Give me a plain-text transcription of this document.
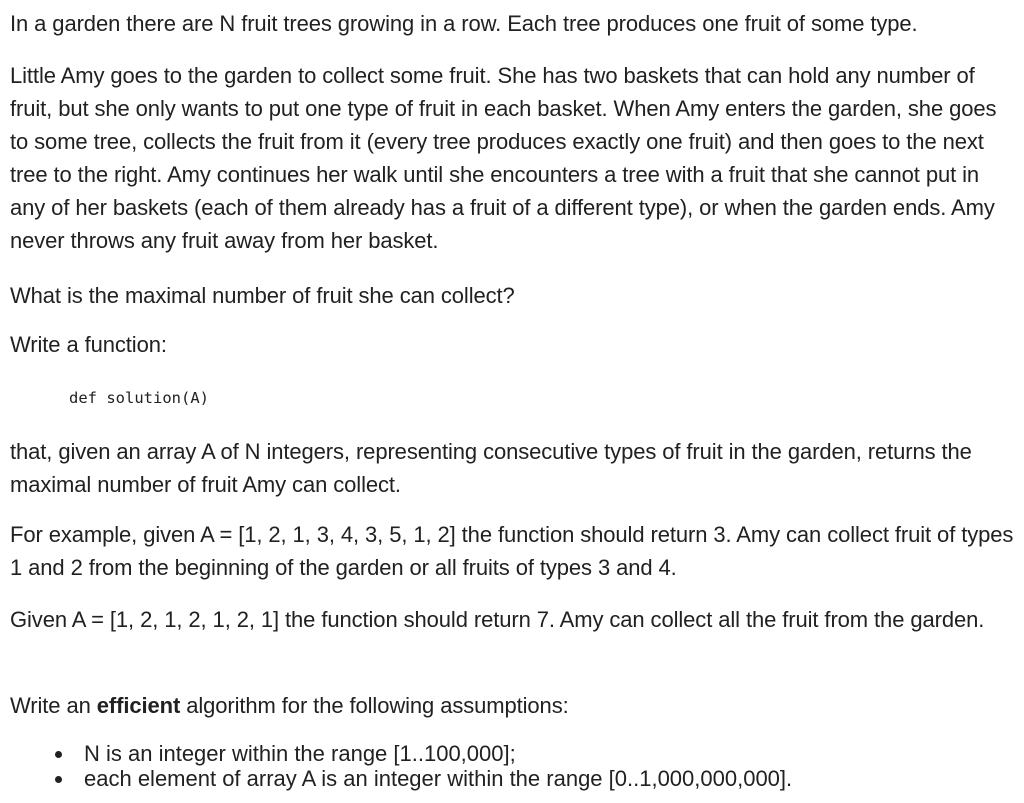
In a garden there are N fruit trees growing in a row. Each tree produces one fruit of some type.

Little Amy goes to the garden to collect some fruit. She has two baskets that can hold any number of fruit, but she only wants to put one type of fruit in each basket. When Amy enters the garden, she goes to some tree, collects the fruit from it (every tree produces exactly one fruit) and then goes to the next tree to the right. Amy continues her walk until she encounters a tree with a fruit that she cannot put in any of her baskets (each of them already has a fruit of a different type), or when the garden ends. Amy never throws any fruit away from her basket.

What is the maximal number of fruit she can collect?

Write a function:

def solution(A)

that, given an array A of N integers, representing consecutive types of fruit in the garden, returns the maximal number of fruit Amy can collect.

For example, given A = [1, 2, 1, 3, 4, 3, 5, 1, 2] the function should return 3. Amy can collect fruit of types 1 and 2 from the beginning of the garden or all fruits of types 3 and 4.

Given A = [1, 2, 1, 2, 1, 2, 1] the function should return 7. Amy can collect all the fruit from the garden.

Write an efficient algorithm for the following assumptions:

N is an integer within the range [1..100,000];
each element of array A is an integer within the range [0..1,000,000,000].
